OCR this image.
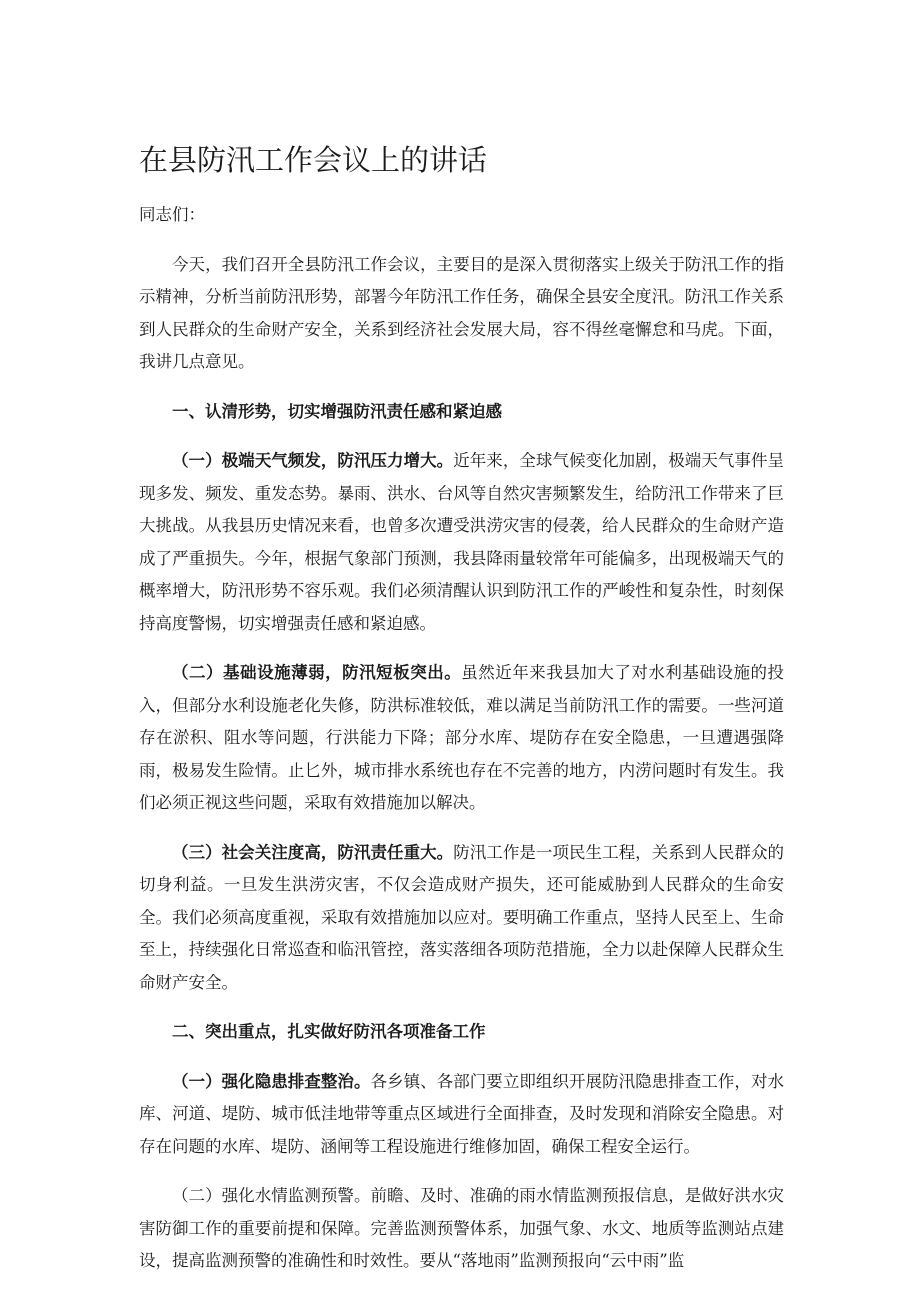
在县防汛工作会议上的讲话

同志们：

今天，我们召开全县防汛工作会议，主要目的是深入贯彻落实上级关于防汛工作的指示精神，分析当前防汛形势，部署今年防汛工作任务，确保全县安全度汛。防汛工作关系到人民群众的生命财产安全，关系到经济社会发展大局，容不得丝毫懈怠和马虎。下面，我讲几点意见。

一、认清形势，切实增强防汛责任感和紧迫感

（一）极端天气频发，防汛压力增大。近年来，全球气候变化加剧，极端天气事件呈现多发、频发、重发态势。暴雨、洪水、台风等自然灾害频繁发生，给防汛工作带来了巨大挑战。从我县历史情况来看，也曾多次遭受洪涝灾害的侵袭，给人民群众的生命财产造成了严重损失。今年，根据气象部门预测，我县降雨量较常年可能偏多，出现极端天气的概率增大，防汛形势不容乐观。我们必须清醒认识到防汛工作的严峻性和复杂性，时刻保持高度警惕，切实增强责任感和紧迫感。

（二）基础设施薄弱，防汛短板突出。虽然近年来我县加大了对水利基础设施的投入，但部分水利设施老化失修，防洪标准较低，难以满足当前防汛工作的需要。一些河道存在淤积、阻水等问题，行洪能力下降；部分水库、堤防存在安全隐患，一旦遭遇强降雨，极易发生险情。止匕外，城市排水系统也存在不完善的地方，内涝问题时有发生。我们必须正视这些问题，采取有效措施加以解决。

（三）社会关注度高，防汛责任重大。防汛工作是一项民生工程，关系到人民群众的切身利益。一旦发生洪涝灾害，不仅会造成财产损失，还可能威胁到人民群众的生命安全。我们必须高度重视，采取有效措施加以应对。要明确工作重点，坚持人民至上、生命至上，持续强化日常巡查和临汛管控，落实落细各项防范措施，全力以赴保障人民群众生命财产安全。

二、突出重点，扎实做好防汛各项准备工作

（一）强化隐患排查整治。各乡镇、各部门要立即组织开展防汛隐患排查工作，对水库、河道、堤防、城市低洼地带等重点区域进行全面排查，及时发现和消除安全隐患。对存在问题的水库、堤防、涵闸等工程设施进行维修加固，确保工程安全运行。

（二）强化水情监测预警。前瞻、及时、准确的雨水情监测预报信息，是做好洪水灾害防御工作的重要前提和保障。完善监测预警体系，加强气象、水文、地质等监测站点建设，提高监测预警的准确性和时效性。要从“落地雨”监测预报向“云中雨”监
